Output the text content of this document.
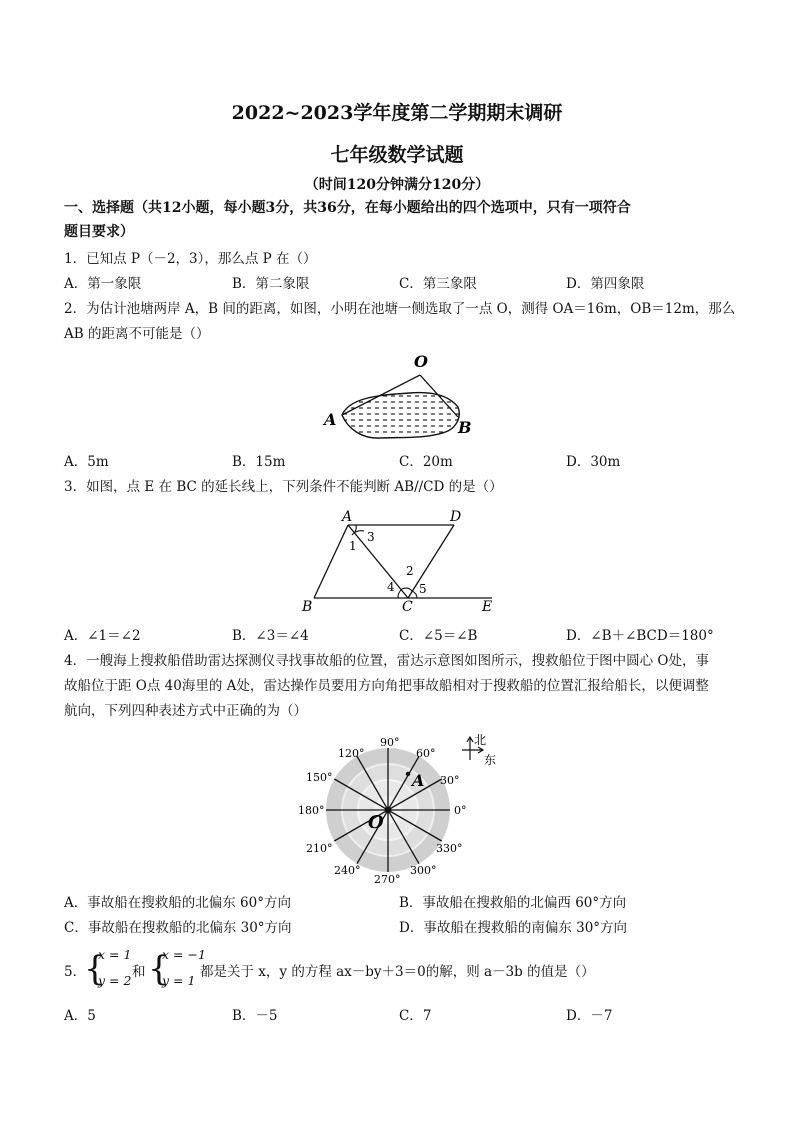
2022~2023学年度第二学期期末调研
七年级数学试题
（时间120分钟满分120分）
一、选择题（共12小题，每小题3分，共36分，在每小题给出的四个选项中，只有一项符合
题目要求）
1．已知点 P（－2，3），那么点 P 在（）
A．第一象限	B．第二象限	C．第三象限	D．第四象限
2．为估计池塘两岸 A，B 间的距离，如图，小明在池塘一侧选取了一点 O，测得 OA＝16m，OB＝12m，那么
AB 的距离不可能是（）
O
A	B
A．5m	B．15m	C．20m	D．30m
3．如图，点 E 在 BC 的延长线上，下列条件不能判断 AB//CD 的是（）
A	D
B	C	E
1
2
3
4 5
A．∠1＝∠2	B．∠3＝∠4	C．∠5＝∠B	D．∠B＋∠BCD＝180°
4．一艘海上搜救船借助雷达探测仪寻找事故船的位置，雷达示意图如图所示，搜救船位于图中圆心 O处，事
故船位于距 O点 40海里的 A处，雷达操作员要用方向角把事故船相对于搜救船的位置汇报给船长，以便调整
航向，下列四种表述方式中正确的为（）
A
O
0°
30°
60°
90°
120°
150°
180°
210°
240°
270°
300°
330°
北
东
A．事故船在搜救船的北偏东 60°方向	B．事故船在搜救船的北偏西 60°方向
C．事故船在搜救船的北偏东 30°方向	D．事故船在搜救船的南偏东 30°方向
5．
{
x = 1
y = 2
和 {
x = −1
y = 1
都是关于 x，y 的方程 ax－by＋3＝0的解，则 a－3b 的值是（）
A．5	B．－5	C．7	D．－7
